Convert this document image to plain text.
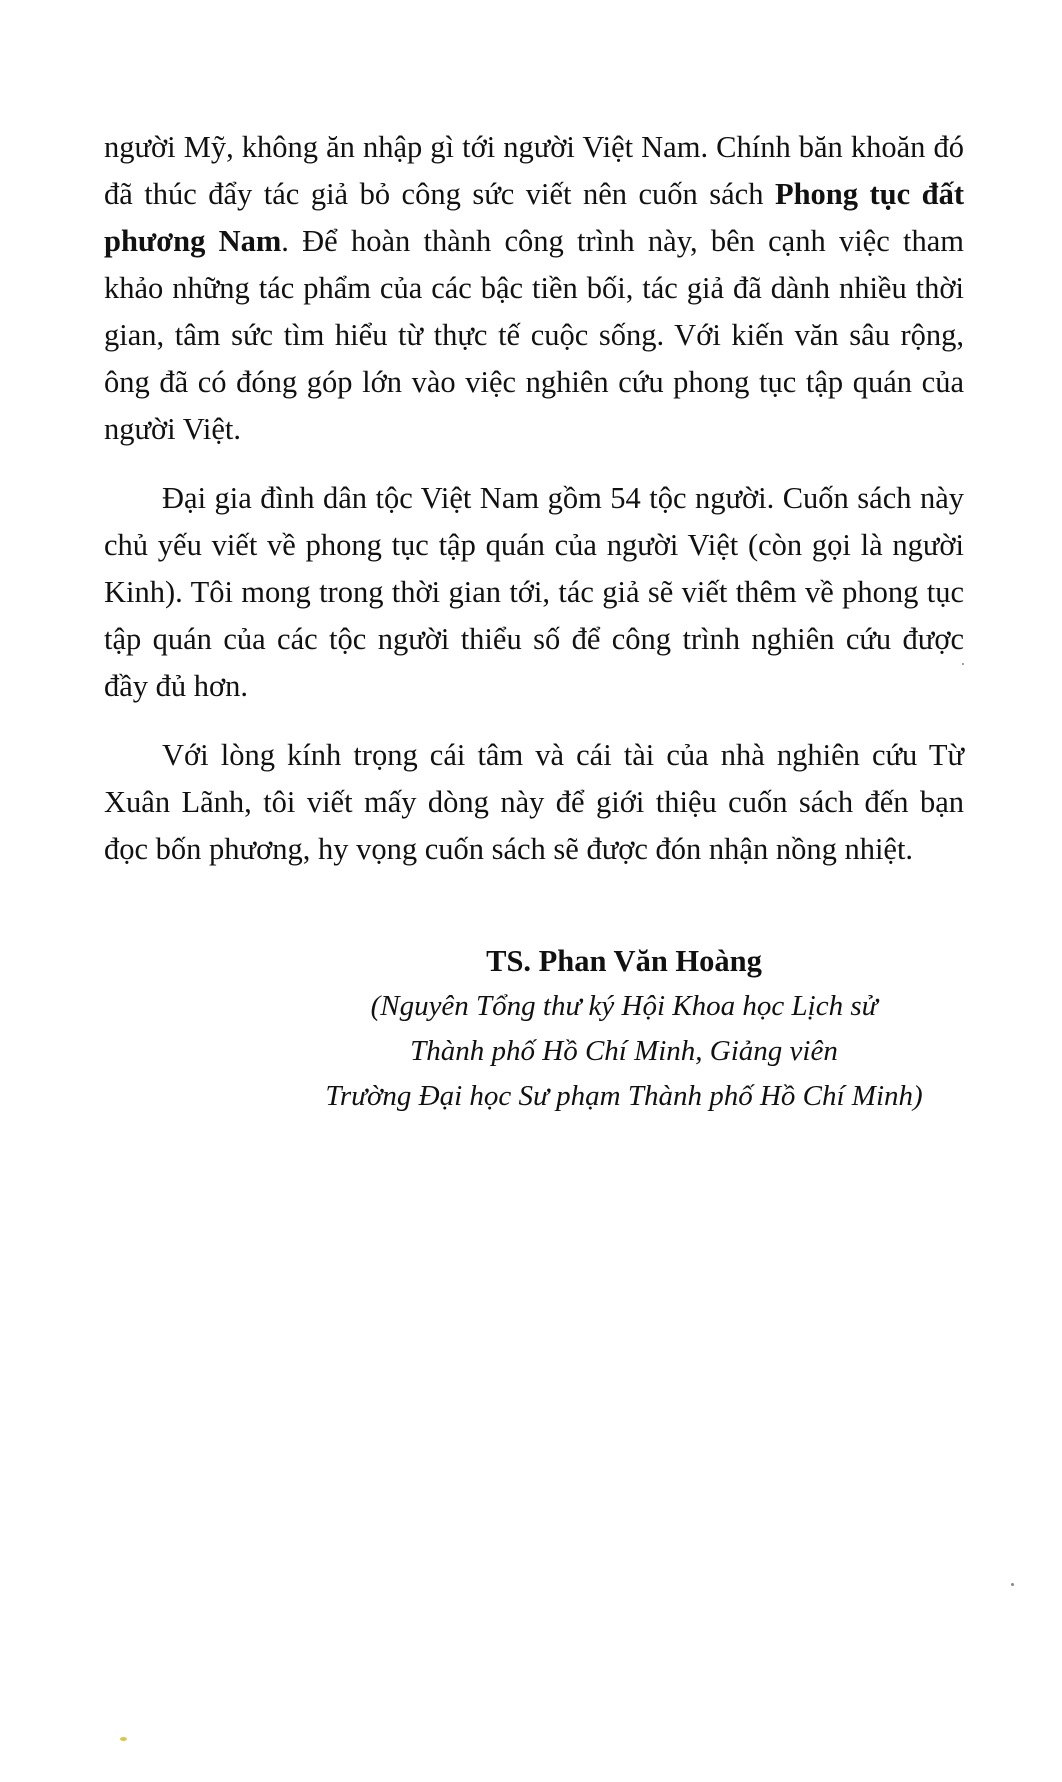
người Mỹ, không ăn nhập gì tới người Việt Nam. Chính băn khoăn đó đã thúc đẩy tác giả bỏ công sức viết nên cuốn sách Phong tục đất phương Nam. Để hoàn thành công trình này, bên cạnh việc tham khảo những tác phẩm của các bậc tiền bối, tác giả đã dành nhiều thời gian, tâm sức tìm hiểu từ thực tế cuộc sống. Với kiến văn sâu rộng, ông đã có đóng góp lớn vào việc nghiên cứu phong tục tập quán của người Việt.

Đại gia đình dân tộc Việt Nam gồm 54 tộc người. Cuốn sách này chủ yếu viết về phong tục tập quán của người Việt (còn gọi là người Kinh). Tôi mong trong thời gian tới, tác giả sẽ viết thêm về phong tục tập quán của các tộc người thiểu số để công trình nghiên cứu được đầy đủ hơn.

Với lòng kính trọng cái tâm và cái tài của nhà nghiên cứu Từ Xuân Lãnh, tôi viết mấy dòng này để giới thiệu cuốn sách đến bạn đọc bốn phương, hy vọng cuốn sách sẽ được đón nhận nồng nhiệt.

TS. Phan Văn Hoàng
(Nguyên Tổng thư ký Hội Khoa học Lịch sử
Thành phố Hồ Chí Minh, Giảng viên
Trường Đại học Sư phạm Thành phố Hồ Chí Minh)
